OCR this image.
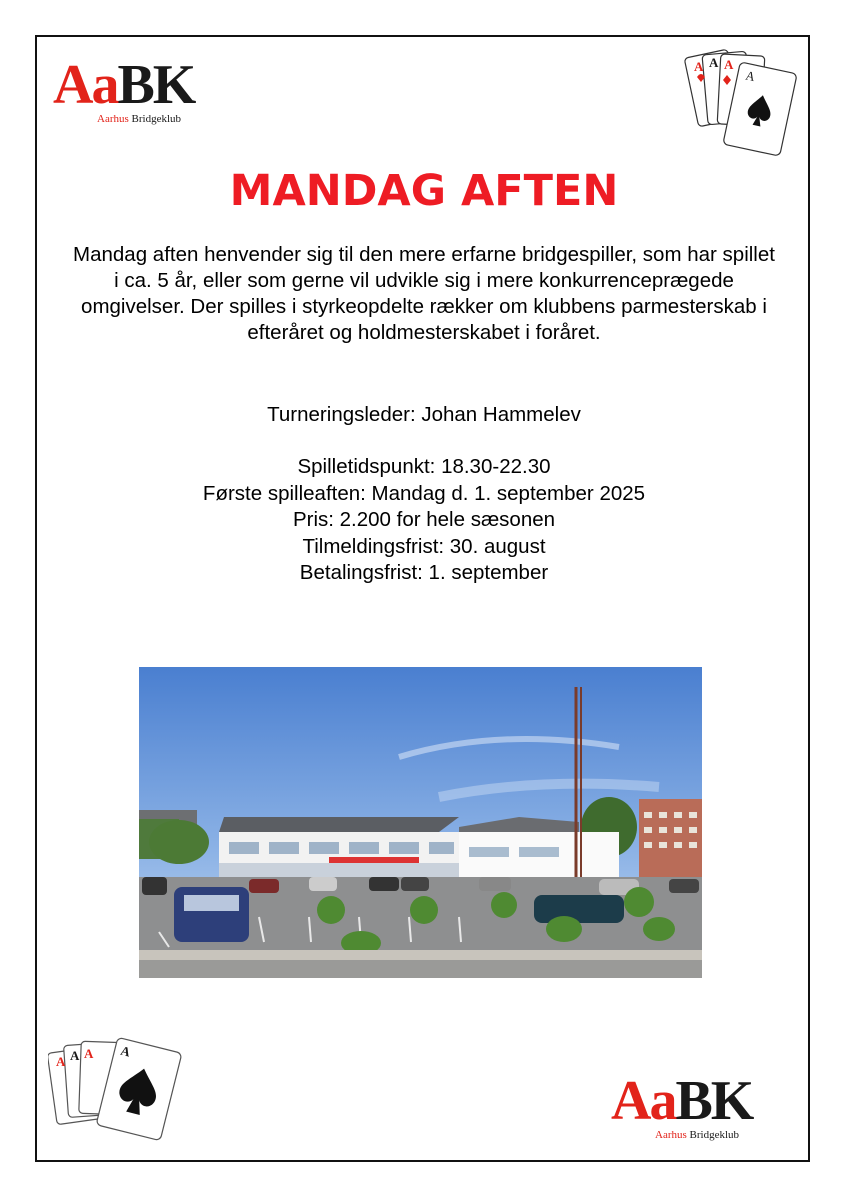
AaBK
Aarhus Bridgeklub
A A A
A
MANDAG AFTEN

Mandag aften henvender sig til den mere erfarne bridgespiller, som har spillet i ca. 5 år, eller som gerne vil udvikle sig i mere konkurrenceprægede omgivelser. Der spilles i styrkeopdelte rækker om klubbens parmesterskab i efteråret og holdmesterskabet i foråret.

Turneringsleder: Johan Hammelev

Spilletidspunkt: 18.30-22.30
Første spilleaften: Mandag d. 1. september 2025
Pris: 2.200 for hele sæsonen
Tilmeldingsfrist: 30. august
Betalingsfrist: 1. september
A A A A
AaBK
Aarhus Bridgeklub
